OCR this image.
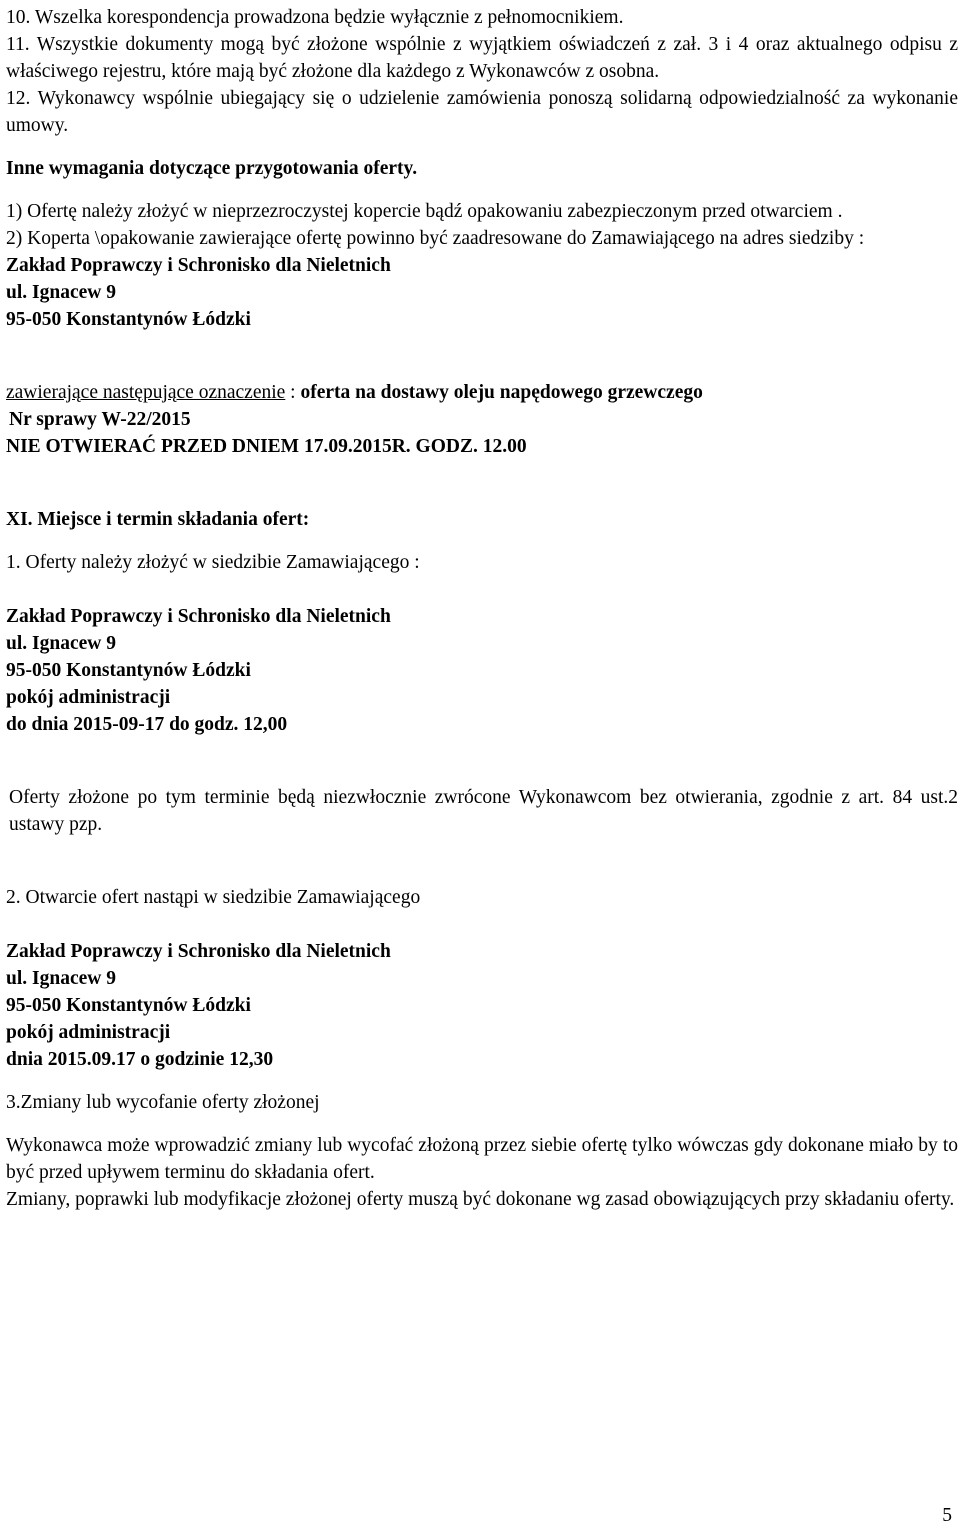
10. Wszelka korespondencja prowadzona będzie wyłącznie z pełnomocnikiem.

11. Wszystkie dokumenty mogą być złożone wspólnie z wyjątkiem oświadczeń z zał. 3 i 4 oraz aktualnego odpisu z właściwego rejestru, które mają być złożone dla każdego z Wykonawców z osobna.

12. Wykonawcy wspólnie ubiegający się o udzielenie zamówienia ponoszą solidarną odpowiedzialność za wykonanie umowy.

Inne wymagania dotyczące przygotowania oferty.

1) Ofertę należy złożyć w nieprzezroczystej kopercie bądź opakowaniu zabezpieczonym przed otwarciem .

2) Koperta \opakowanie zawierające ofertę powinno być zaadresowane do Zamawiającego na adres siedziby :

Zakład Poprawczy i Schronisko dla Nieletnich

ul. Ignacew 9

95-050 Konstantynów Łódzki

zawierające następujące oznaczenie : oferta na dostawy oleju napędowego grzewczego

Nr sprawy W-22/2015

NIE OTWIERAĆ PRZED DNIEM 17.09.2015R. GODZ. 12.00

XI. Miejsce i termin składania ofert:

1. Oferty należy złożyć w siedzibie Zamawiającego :

Zakład Poprawczy i Schronisko dla Nieletnich

ul. Ignacew 9

95-050 Konstantynów Łódzki

pokój administracji

do dnia 2015-09-17 do godz. 12,00

Oferty złożone po tym terminie będą niezwłocznie zwrócone Wykonawcom bez otwierania, zgodnie z art. 84 ust.2 ustawy pzp.

2. Otwarcie ofert nastąpi w siedzibie Zamawiającego

Zakład Poprawczy i Schronisko dla Nieletnich

ul. Ignacew 9

95-050 Konstantynów Łódzki

pokój administracji

dnia 2015.09.17 o godzinie 12,30

3.Zmiany lub wycofanie oferty złożonej

Wykonawca może wprowadzić zmiany lub wycofać złożoną przez siebie ofertę tylko wówczas gdy dokonane miało by to być przed upływem terminu do składania ofert.

Zmiany, poprawki lub modyfikacje złożonej oferty muszą być dokonane wg zasad obowiązujących przy składaniu oferty.

5
